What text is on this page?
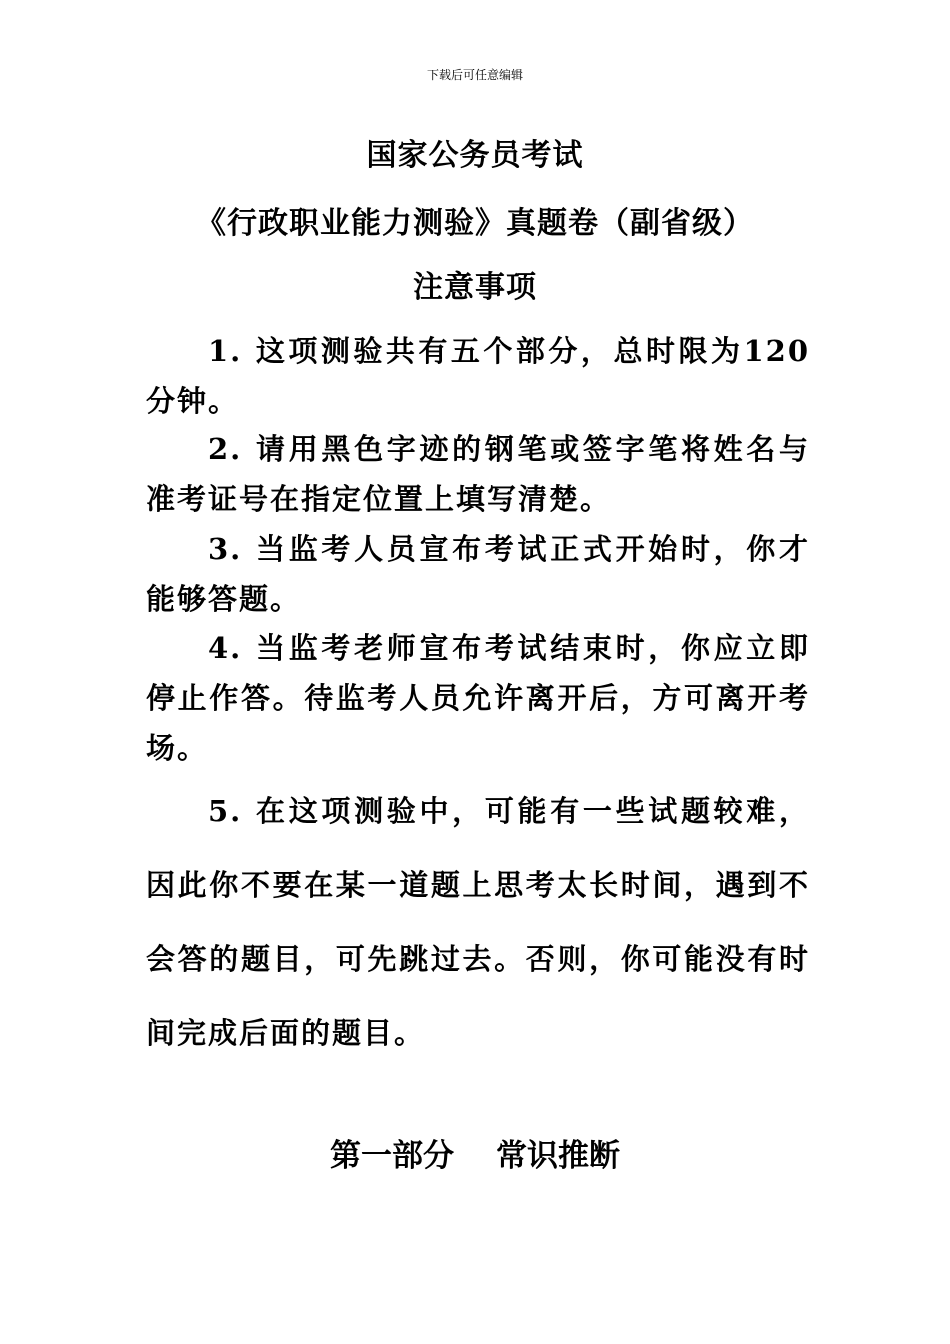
下载后可任意编辑
国家公务员考试
《行政职业能力测验》真题卷（副省级）
注意事项

1. 这项测验共有五个部分，总时限为120分钟。

2. 请用黑色字迹的钢笔或签字笔将姓名与准考证号在指定位置上填写清楚。

3. 当监考人员宣布考试正式开始时，你才能够答题。

4. 当监考老师宣布考试结束时，你应立即停止作答。待监考人员允许离开后，方可离开考场。

5. 在这项测验中，可能有一些试题较难，因此你不要在某一道题上思考太长时间，遇到不会答的题目，可先跳过去。否则，你可能没有时间完成后面的题目。

第一部分 常识推断
